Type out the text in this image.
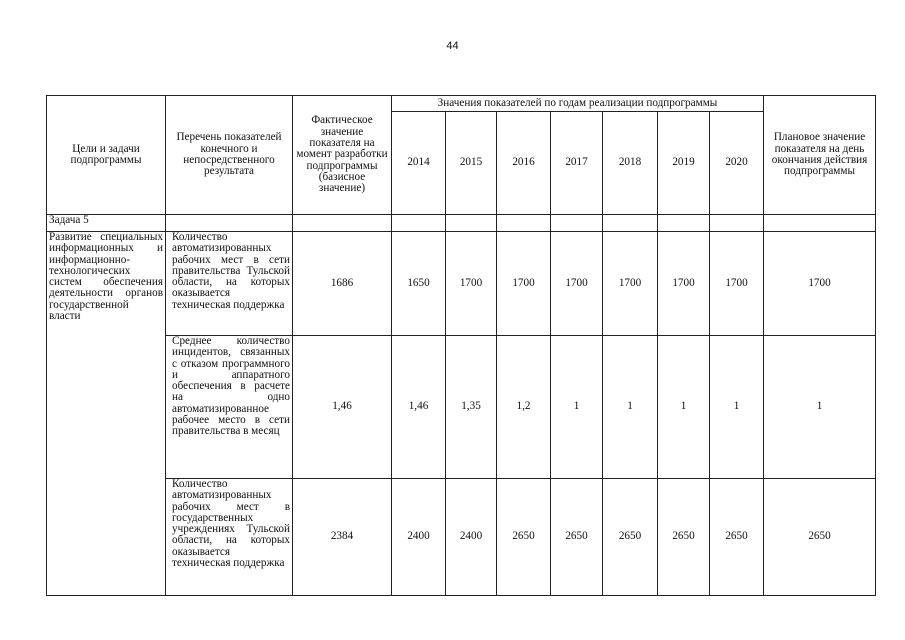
44
Цели и задачи подпрограммы	Перечень показателей конечного и непосредственного результата	Фактическое значение показателя на момент разработки подпрограммы (базисное значение)	Значения показателей по годам реализации подпрограммы							Плановое значение показателя на день окончания действия подпрограммы
			2014	2015	2016	2017	2018	2019	2020	
Задача 5										
Развитие специальных информационных и информационно-технологических систем обеспечения деятельности органов государственной власти	Количество автоматизированных рабочих мест в сети правительства Тульской области, на которых оказывается техническая поддержка	1686	1650	1700	1700	1700	1700	1700	1700	1700
	Среднее количество инцидентов, связанных с отказом программного и аппаратного обеспечения в расчете на одно автоматизированное рабочее место в сети правительства в месяц	1,46	1,46	1,35	1,2	1	1	1	1	1
	Количество автоматизированных рабочих мест в государственных учреждениях Тульской области, на которых оказывается техническая поддержка	2384	2400	2400	2650	2650	2650	2650	2650	2650
